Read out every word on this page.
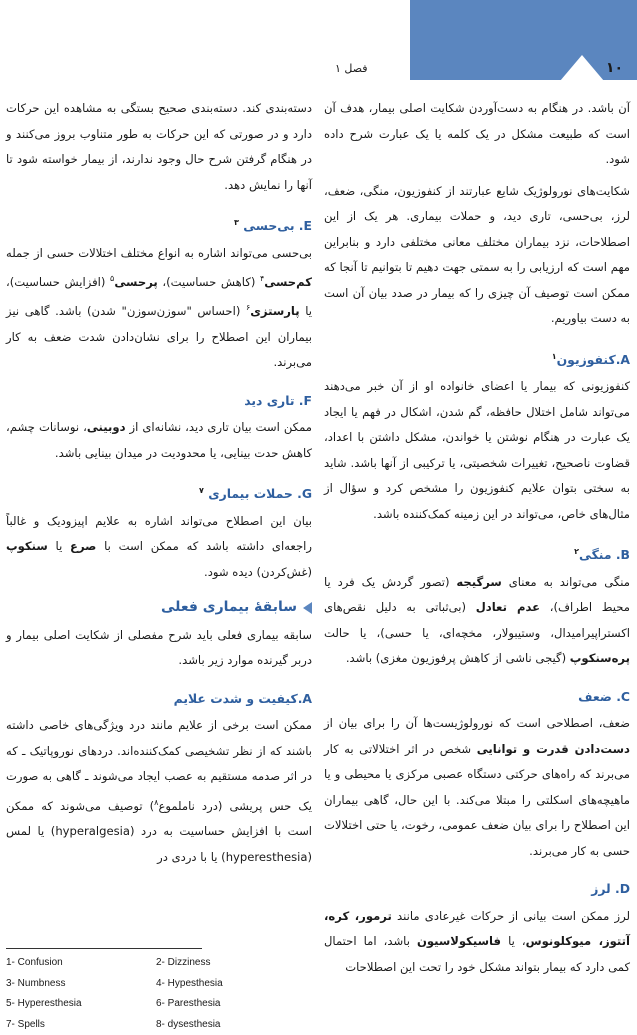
۱۰
فصل ۱

آن باشد. در هنگام به دست‌آوردن شکایت اصلی بیمار، هدف آن است که طبیعت مشکل در یک کلمه یا یک عبارت شرح داده شود.

شکایت‌های نورولوژیک شایع عبارتند از کنفوزیون، منگی، ضعف، لرز، بی‌حسی، تاری دید، و حملات بیماری. هر یک از این اصطلاحات، نزد بیماران مختلف معانی مختلفی دارد و بنابراین مهم است که ارزیابی را به سمتی جهت دهیم تا بتوانیم تا آنجا که ممکن است توصیف آن چیزی را که بیمار در صدد بیان آن است به دست بیاوریم.

A.کنفوزیون$^۱$

کنفوزیونی که بیمار یا اعضای خانواده او از آن خبر می‌دهند می‌تواند شامل اختلال حافظه، گم شدن، اشکال در فهم یا ایجاد یک عبارت در هنگام نوشتن یا خواندن، مشکل داشتن با اعداد، قضاوت ناصحیح، تغییرات شخصیتی، یا ترکیبی از آنها باشد. شاید به سختی بتوان علایم کنفوزیون را مشخص کرد و سؤال از مثال‌های خاص، می‌تواند در این زمینه کمک‌کننده باشد.

B. منگی$^۲$

منگی می‌تواند به معنای سرگیجه (تصور گردش یک فرد یا محیط اطراف)، عدم تعادل (بی‌ثباتی به دلیل نقص‌های اکستراپیرامیدال، وستیبولار، مخچه‌ای، یا حسی)، یا حالت پره‌سنکوپ (گیجی ناشی از کاهش پرفوزیون مغزی) باشد.

C. ضعف

ضعف، اصطلاحی است که نورولوژیست‌ها آن را برای بیان از دست‌دادن قدرت و توانایی شخص در اثر اختلالاتی به کار می‌برند که راه‌های حرکتی دستگاه عصبی مرکزی یا محیطی و یا ماهیچه‌های اسکلتی را مبتلا می‌کند. با این حال، گاهی بیماران این اصطلاح را برای بیان ضعف عمومی، رخوت، یا حتی اختلالات حسی به کار می‌برند.

D. لرز

لرز ممکن است بیانی از حرکات غیرعادی مانند ترمور، کره، آتتوز، میوکلونوس، یا فاسیکولاسیون باشد، اما احتمال کمی دارد که بیمار بتواند مشکل خود را تحت این اصطلاحات

دسته‌بندی کند. دسته‌بندی صحیح بستگی به مشاهده این حرکات دارد و در صورتی که این حرکات به طور متناوب بروز می‌کنند و در هنگام گرفتن شرح حال وجود ندارند، از بیمار خواسته شود تا آنها را نمایش دهد.

E. بی‌حسی $^۳$

بی‌حسی می‌تواند اشاره به انواع مختلف اختلالات حسی از جمله کم‌حسی$^۴$ (کاهش حساسیت)، پرحسی$^۵$ (افزایش حساسیت)، یا پارستزی$^۶$ (احساس "سوزن‌سوزن" شدن) باشد. گاهی نیز بیماران این اصطلاح را برای نشان‌دادن شدت ضعف به کار می‌برند.

F. تاری دید

ممکن است بیان تاری دید، نشانه‌ای از دوبینی، نوسانات چشم، کاهش حدت بینایی، یا محدودیت در میدان بینایی باشد.

G. حملات بیماری $^۷$

بیان این اصطلاح می‌تواند اشاره به علایم اپیزودیک و غالباً راجعه‌ای داشته باشد که ممکن است با صرع یا سنکوپ (غش‌کردن) دیده شود.

سابقهٔ بیماری فعلی

سابقه بیماری فعلی باید شرح مفصلی از شکایت اصلی بیمار و دربر گیرنده موارد زیر باشد.

A.کیفیت و شدت علایم

ممکن است برخی از علایم مانند درد ویژگی‌های خاصی داشته باشند که از نظر تشخیصی کمک‌کننده‌اند. دردهای نوروپاتیک ـ که در اثر صدمه مستقیم به عصب ایجاد می‌شوند ـ گاهی به صورت یک حس پریشی (درد ناملموع$^۸$) توصیف می‌شوند که ممکن است با افزایش حساسیت به درد (hyperalgesia) یا لمس (hyperesthesia) یا با دردی در

1- Confusion	2- Dizziness
3- Numbness	4- Hypesthesia
5- Hyperesthesia	6- Paresthesia
7- Spells	8- dysesthesia
